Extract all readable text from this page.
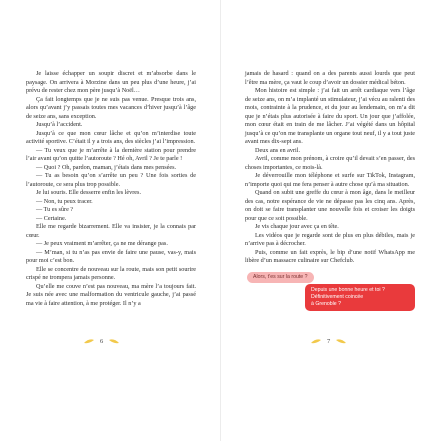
Je laisse échapper un soupir discret et m’absorbe dans le paysage. On arrivera à Morzine dans un peu plus d’une heure, j’ai prévu de rester chez mon père jusqu’à Noël…

Ça fait longtemps que je ne suis pas venue. Presque trois ans, alors qu’avant j’y passais toutes mes vacances d’hiver jusqu’à l’âge de seize ans, sans exception.

Jusqu’à l’accident.

Jusqu’à ce que mon cœur lâche et qu’on m’interdise toute activité sportive. C’était il y a trois ans, des siècles j’ai l’impression.

— Tu veux que je m’arrête à la dernière station pour prendre l’air avant qu’on quitte l’autoroute ? Hé oh, Avril ? Je te parle !

— Quoi ? Oh, pardon, maman, j’étais dans mes pensées.

— Tu as besoin qu’on s’arrête un peu ? Une fois sorties de l’autoroute, ce sera plus trop possible.

Je lui souris. Elle desserre enfin les lèvres.

— Non, tu peux tracer.

— Tu es sûre ?

— Certaine.

Elle me regarde bizarrement. Elle va insister, je la connais par cœur.

— Je peux vraiment m’arrêter, ça ne me dérange pas.

— M’man, si tu n’as pas envie de faire une pause, vas-y, mais pour moi c’est bon.

Elle se concentre de nouveau sur la route, mais son petit sourire crispé ne trompera jamais personne.

Qu’elle me couve n’est pas nouveau, ma mère l’a toujours fait. Je suis née avec une malformation du ventricule gauche, j’ai passé ma vie à faire attention, à me protéger. Il n’y a

6

jamais de hasard : quand on a des parents aussi lourds que peut l’être ma mère, ça vaut le coup d’avoir un dossier médical béton.

Mon histoire est simple : j’ai fait un arrêt cardiaque vers l’âge de seize ans, on m’a implanté un stimulateur, j’ai vécu au ralenti des mois, contrainte à la prudence, et du jour au lendemain, on m’a dit que je n’étais plus autorisée à faire du sport. Un jour que j’affolée, mon cœur était en train de me lâcher. J’ai végété dans un hôpital jusqu’à ce qu’on me transplante un organe tout neuf, il y a tout juste avant mes dix-sept ans.

Deux ans en avril.

Avril, comme mon prénom, à croire qu’il devait s’en passer, des choses importantes, ce mois-là.

Je déverrouille mon téléphone et surfe sur TikTok, Instagram, n’importe quoi qui me fera penser à autre chose qu’à ma situation.

Quand on subit une greffe du cœur à mon âge, dans le meilleur des cas, notre espérance de vie ne dépasse pas les cinq ans. Après, on doit se faire transplanter une nouvelle fois et croiser les doigts pour que ce soit possible.

Je vis chaque jour avec ça en tête.

Les vidéos que je regarde sont de plus en plus débiles, mais je n’arrive pas à décrocher.

Puis, comme un fait exprès, le bip d’une notif WhatsApp me libère d’un massacre culinaire sur Chefclub.

Alors, t’es sur la route ?
Depuis une bonne heure et toi ?
Définitivement coincée
à Grenoble ?
7
